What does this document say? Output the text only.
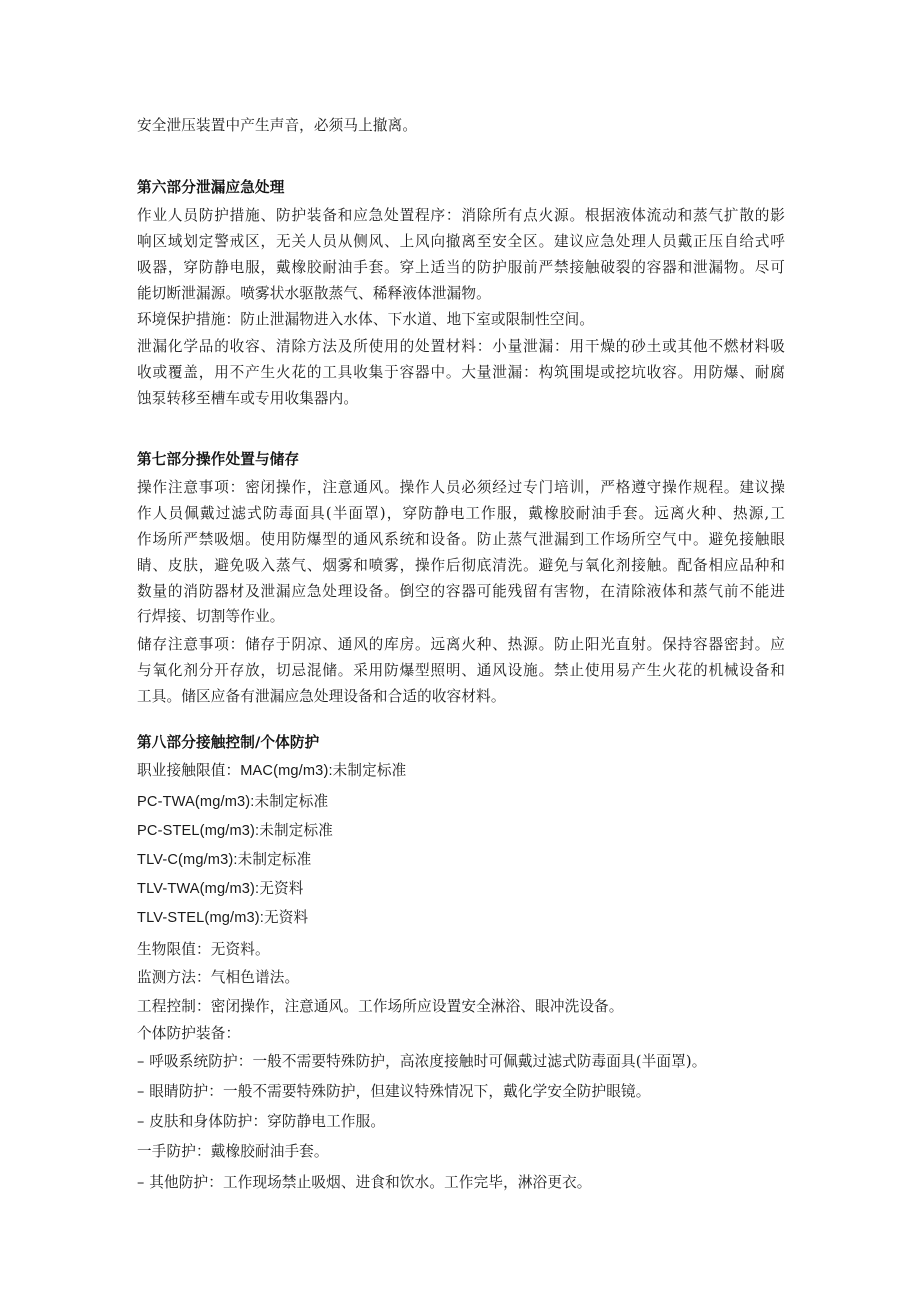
安全泄压装置中产生声音，必须马上撤离。
第六部分泄漏应急处理
作业人员防护措施、防护装备和应急处置程序：消除所有点火源。根据液体流动和蒸气扩散的影
响区域划定警戒区，无关人员从侧风、上风向撤离至安全区。建议应急处理人员戴正压自给式呼
吸器，穿防静电服，戴橡胶耐油手套。穿上适当的防护服前严禁接触破裂的容器和泄漏物。尽可
能切断泄漏源。喷雾状水驱散蒸气、稀释液体泄漏物。
环境保护措施：防止泄漏物进入水体、下水道、地下室或限制性空间。
泄漏化学品的收容、清除方法及所使用的处置材料：小量泄漏：用干燥的砂土或其他不燃材料吸
收或覆盖，用不产生火花的工具收集于容器中。大量泄漏：构筑围堤或挖坑收容。用防爆、耐腐
蚀泵转移至槽车或专用收集器内。
第七部分操作处置与储存
操作注意事项：密闭操作，注意通风。操作人员必须经过专门培训，严格遵守操作规程。建议操
作人员佩戴过滤式防毒面具(半面罩)，穿防静电工作服，戴橡胶耐油手套。远离火种、热源,工
作场所严禁吸烟。使用防爆型的通风系统和设备。防止蒸气泄漏到工作场所空气中。避免接触眼
睛、皮肤，避免吸入蒸气、烟雾和喷雾，操作后彻底清洗。避免与氧化剂接触。配备相应品种和
数量的消防器材及泄漏应急处理设备。倒空的容器可能残留有害物，在清除液体和蒸气前不能进
行焊接、切割等作业。
储存注意事项：储存于阴凉、通风的库房。远离火种、热源。防止阳光直射。保持容器密封。应
与氧化剂分开存放，切忌混储。采用防爆型照明、通风设施。禁止使用易产生火花的机械设备和
工具。储区应备有泄漏应急处理设备和合适的收容材料。
第八部分接触控制/个体防护
职业接触限值：MAC(mg/m3):未制定标准
PC-TWA(mg/m3):未制定标准
PC-STEL(mg/m3):未制定标准
TLV-C(mg/m3):未制定标准
TLV-TWA(mg/m3):无资料
TLV-STEL(mg/m3):无资料
生物限值：无资料。
监测方法：气相色谱法。
工程控制：密闭操作，注意通风。工作场所应设置安全淋浴、眼冲洗设备。
个体防护装备：
– 呼吸系统防护：一般不需要特殊防护，高浓度接触时可佩戴过滤式防毒面具(半面罩)。
– 眼睛防护：一般不需要特殊防护，但建议特殊情况下，戴化学安全防护眼镜。
– 皮肤和身体防护：穿防静电工作服。
一手防护：戴橡胶耐油手套。
– 其他防护：工作现场禁止吸烟、进食和饮水。工作完毕，淋浴更衣。
